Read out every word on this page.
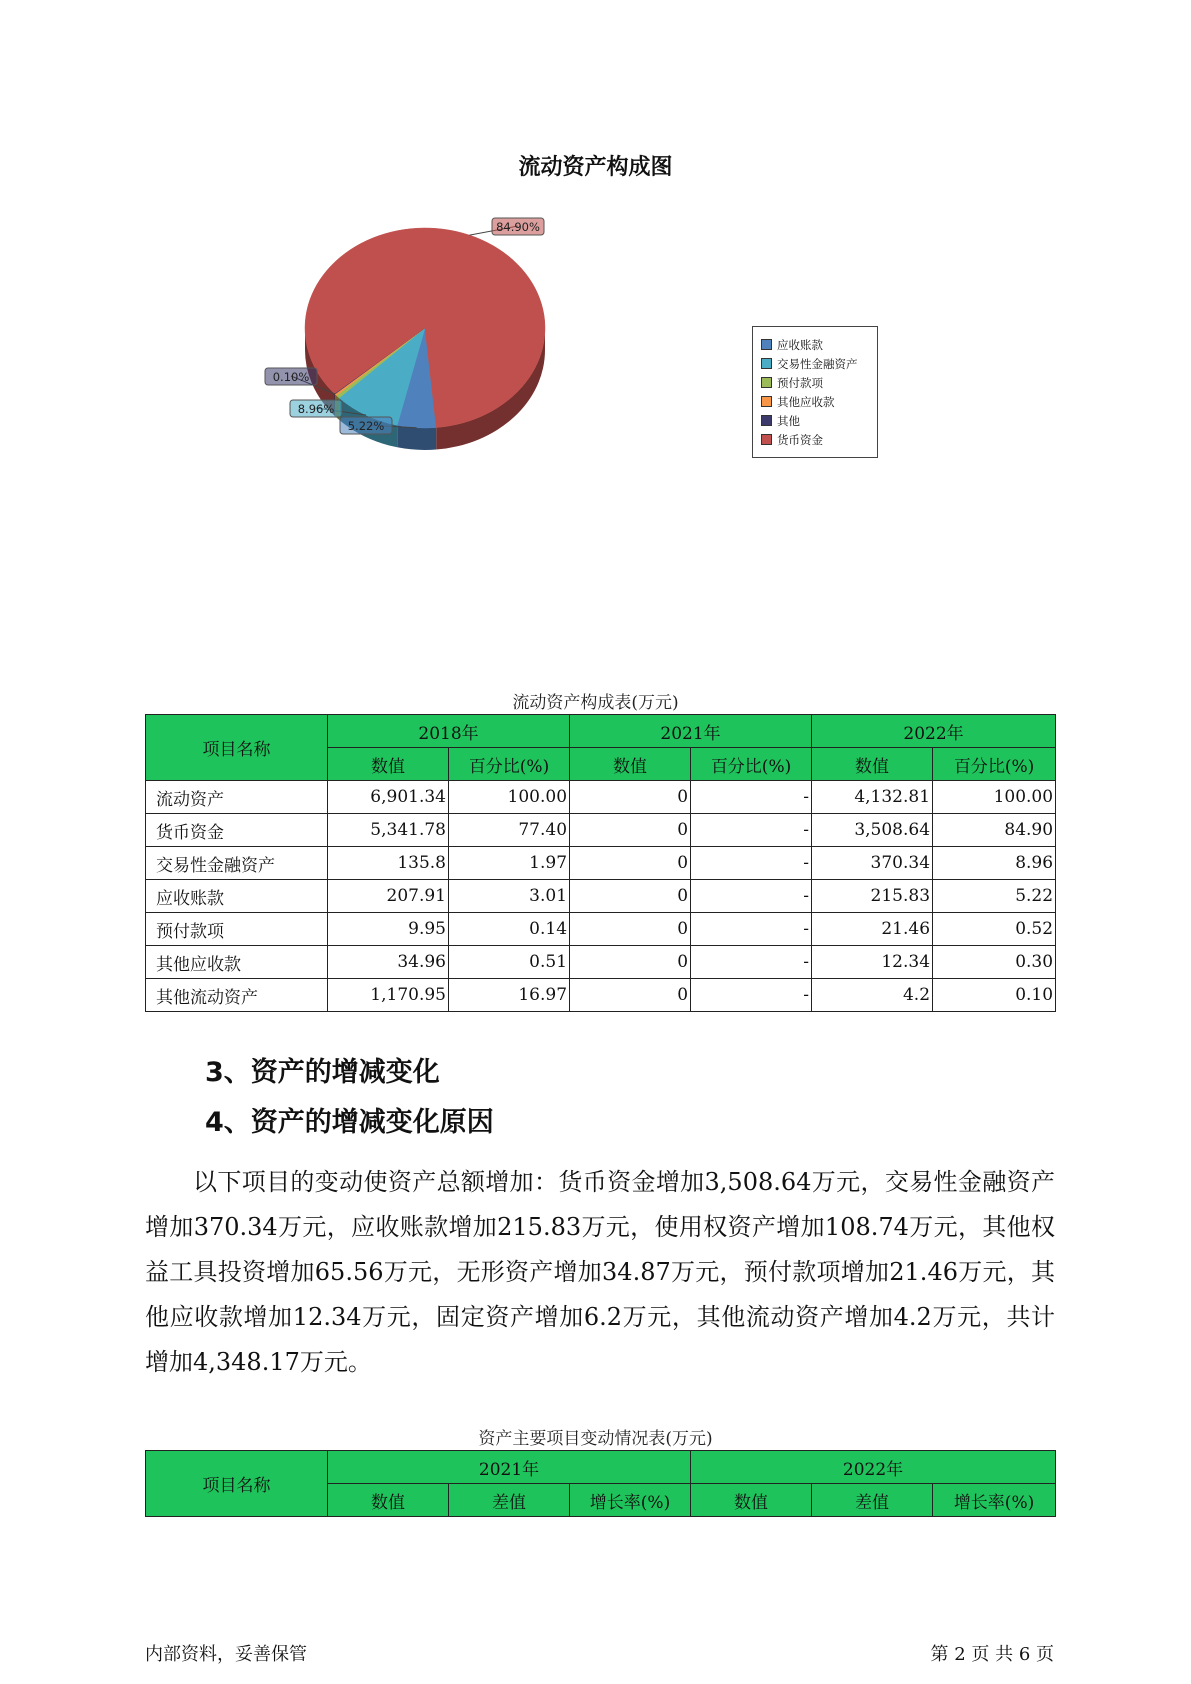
流动资产构成图
5.22%
8.96%
0.10%
84.90%
应收账款
交易性金融资产
预付款项
其他应收款
其他
货币资金
流动资产构成表(万元)
项目名称	2018年		2021年		2022年	
	数值	百分比(%)	数值	百分比(%)	数值	百分比(%)
流动资产	6,901.34	100.00	0	-	4,132.81	100.00
货币资金	5,341.78	77.40	0	-	3,508.64	84.90
交易性金融资产	135.8	1.97	0	-	370.34	8.96
应收账款	207.91	3.01	0	-	215.83	5.22
预付款项	9.95	0.14	0	-	21.46	0.52
其他应收款	34.96	0.51	0	-	12.34	0.30
其他流动资产	1,170.95	16.97	0	-	4.2	0.10
3、资产的增减变化
4、资产的增减变化原因
以下项目的变动使资产总额增加：货币资金增加3,508.64万元，交易性金融资产增加370.34万元，应收账款增加215.83万元，使用权资产增加108.74万元，其他权益工具投资增加65.56万元，无形资产增加34.87万元，预付款项增加21.46万元，其他应收款增加12.34万元，固定资产增加6.2万元，其他流动资产增加4.2万元，共计增加4,348.17万元。
资产主要项目变动情况表(万元)
项目名称	2021年			2022年		
	数值	差值	增长率(%)	数值	差值	增长率(%)
内部资料，妥善保管	第 2 页 共 6 页
